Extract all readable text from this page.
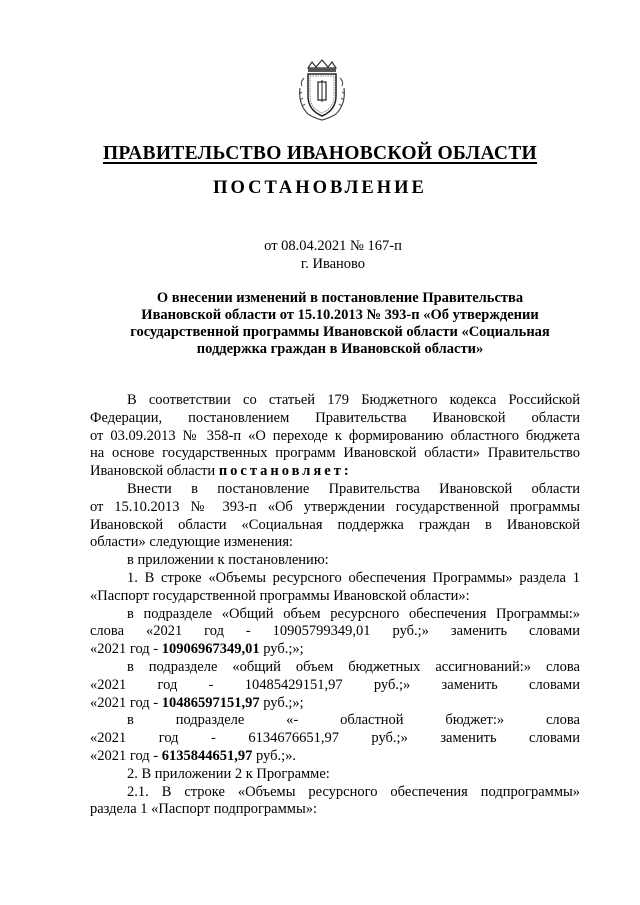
ПРАВИТЕЛЬСТВО ИВАНОВСКОЙ ОБЛАСТИ
ПОСТАНОВЛЕНИЕ
от 08.04.2021 № 167-п
г. Иваново
О внесении изменений в постановление Правительства
Ивановской области от 15.10.2013 № 393-п «Об утверждении
государственной программы Ивановской области «Социальная
поддержка граждан в Ивановской области»

В соответствии со статьей 179 Бюджетного кодекса Российской

Федерации, постановлением Правительства Ивановской области

от 03.09.2013 № 358-п «О переходе к формированию областного бюджета

на основе государственных программ Ивановской области» Правительство

Ивановской области постановляет:

Внести в постановление Правительства Ивановской области

от 15.10.2013 № 393-п «Об утверждении государственной программы

Ивановской области «Социальная поддержка граждан в Ивановской

области» следующие изменения:

в приложении к постановлению:

1. В строке «Объемы ресурсного обеспечения Программы» раздела 1

«Паспорт государственной программы Ивановской области»:

в подразделе «Общий объем ресурсного обеспечения Программы:»

слова «2021 год - 10905799349,01 руб.;» заменить словами

«2021 год - 10906967349,01 руб.;»;

в подразделе «общий объем бюджетных ассигнований:» слова

«2021 год - 10485429151,97 руб.;» заменить словами

«2021 год - 10486597151,97 руб.;»;

в подразделе «- областной бюджет:» слова

«2021 год - 6134676651,97 руб.;» заменить словами

«2021 год - 6135844651,97 руб.;».

2. В приложении 2 к Программе:

2.1. В строке «Объемы ресурсного обеспечения подпрограммы»

раздела 1 «Паспорт подпрограммы»:
